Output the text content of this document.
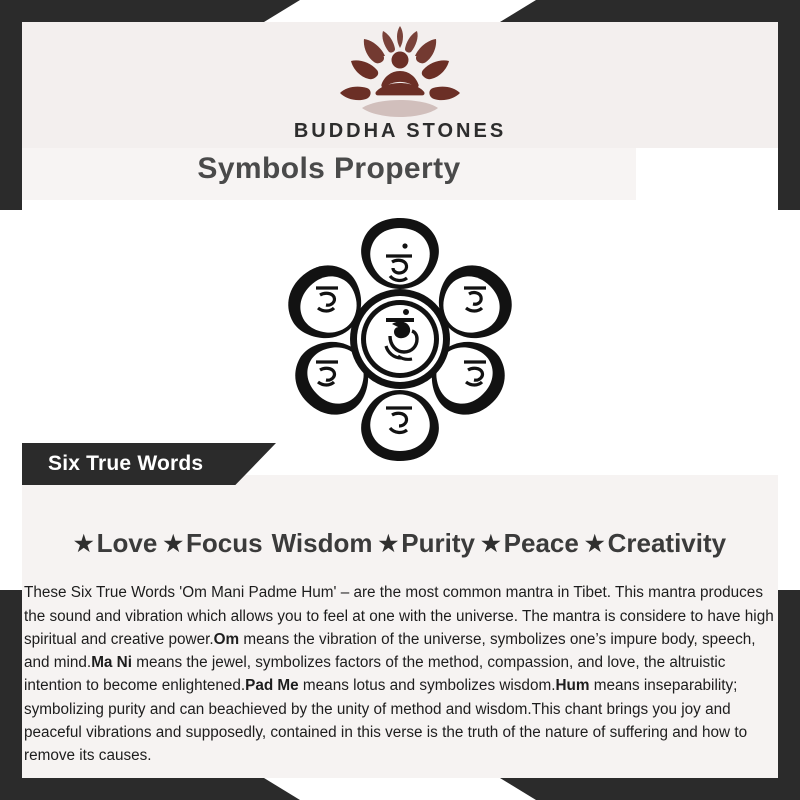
BUDDHA STONES
Symbols Property
Six True Words
★ Love ★ Focus Wisdom ★ Purity ★ Peace ★ Creativity

These Six True Words 'Om Mani Padme Hum' – are the most common mantra in Tibet. This mantra produces the sound and vibration which allows you to feel at one with the universe. The mantra is considere to have high spiritual and creative power.Om means the vibration of the universe, symbolizes one’s impure body, speech, and mind.Ma Ni means the jewel, symbolizes factors of the method, compassion, and love, the altruistic intention to become enlightened.Pad Me means lotus and symbolizes wisdom.Hum means inseparability; symbolizing purity and can beachieved by the unity of method and wisdom.This chant brings you joy and peaceful vibrations and supposedly, contained in this verse is the truth of the nature of suffering and how to remove its causes.
